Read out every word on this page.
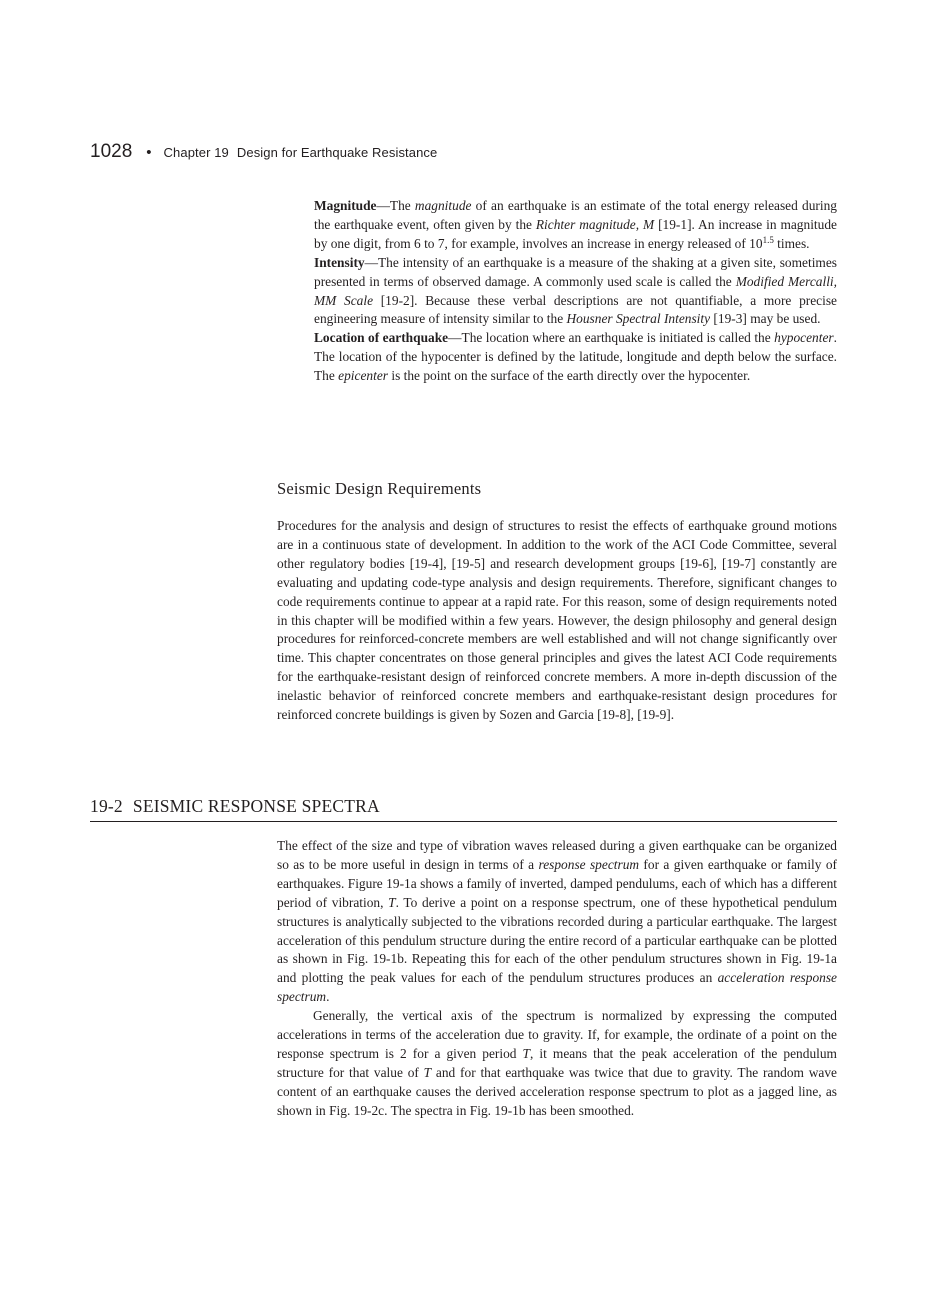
1028 • Chapter 19 Design for Earthquake Resistance

Magnitude—The magnitude of an earthquake is an estimate of the total energy released during the earthquake event, often given by the Richter magnitude, M [19-1]. An increase in magnitude by one digit, from 6 to 7, for example, involves an increase in energy released of $10^{1.5}$ times.

Intensity—The intensity of an earthquake is a measure of the shaking at a given site, sometimes presented in terms of observed damage. A commonly used scale is called the Modified Mercalli, MM Scale [19-2]. Because these verbal descriptions are not quantifiable, a more precise engineering measure of intensity similar to the Housner Spectral Intensity [19-3] may be used.

Location of earthquake—The location where an earthquake is initiated is called the hypocenter. The location of the hypocenter is defined by the latitude, longitude and depth below the surface. The epicenter is the point on the surface of the earth directly over the hypocenter.

Seismic Design Requirements

Procedures for the analysis and design of structures to resist the effects of earthquake ground motions are in a continuous state of development. In addition to the work of the ACI Code Committee, several other regulatory bodies [19-4], [19-5] and research development groups [19-6], [19-7] constantly are evaluating and updating code-type analysis and design requirements. Therefore, significant changes to code requirements continue to appear at a rapid rate. For this reason, some of design requirements noted in this chapter will be modified within a few years. However, the design philosophy and general design procedures for reinforced-concrete members are well established and will not change significantly over time. This chapter concentrates on those general principles and gives the latest ACI Code requirements for the earthquake-resistant design of reinforced concrete members. A more in-depth discussion of the inelastic behavior of reinforced concrete members and earthquake-resistant design procedures for reinforced concrete buildings is given by Sozen and Garcia [19-8], [19-9].

19-2 SEISMIC RESPONSE SPECTRA

The effect of the size and type of vibration waves released during a given earthquake can be organized so as to be more useful in design in terms of a response spectrum for a given earthquake or family of earthquakes. Figure 19-1a shows a family of inverted, damped pendulums, each of which has a different period of vibration, T. To derive a point on a response spectrum, one of these hypothetical pendulum structures is analytically subjected to the vibrations recorded during a particular earthquake. The largest acceleration of this pendulum structure during the entire record of a particular earthquake can be plotted as shown in Fig. 19-1b. Repeating this for each of the other pendulum structures shown in Fig. 19-1a and plotting the peak values for each of the pendulum structures produces an acceleration response spectrum.

Generally, the vertical axis of the spectrum is normalized by expressing the computed accelerations in terms of the acceleration due to gravity. If, for example, the ordinate of a point on the response spectrum is 2 for a given period T, it means that the peak acceleration of the pendulum structure for that value of T and for that earthquake was twice that due to gravity. The random wave content of an earthquake causes the derived acceleration response spectrum to plot as a jagged line, as shown in Fig. 19-2c. The spectra in Fig. 19-1b has been smoothed.
